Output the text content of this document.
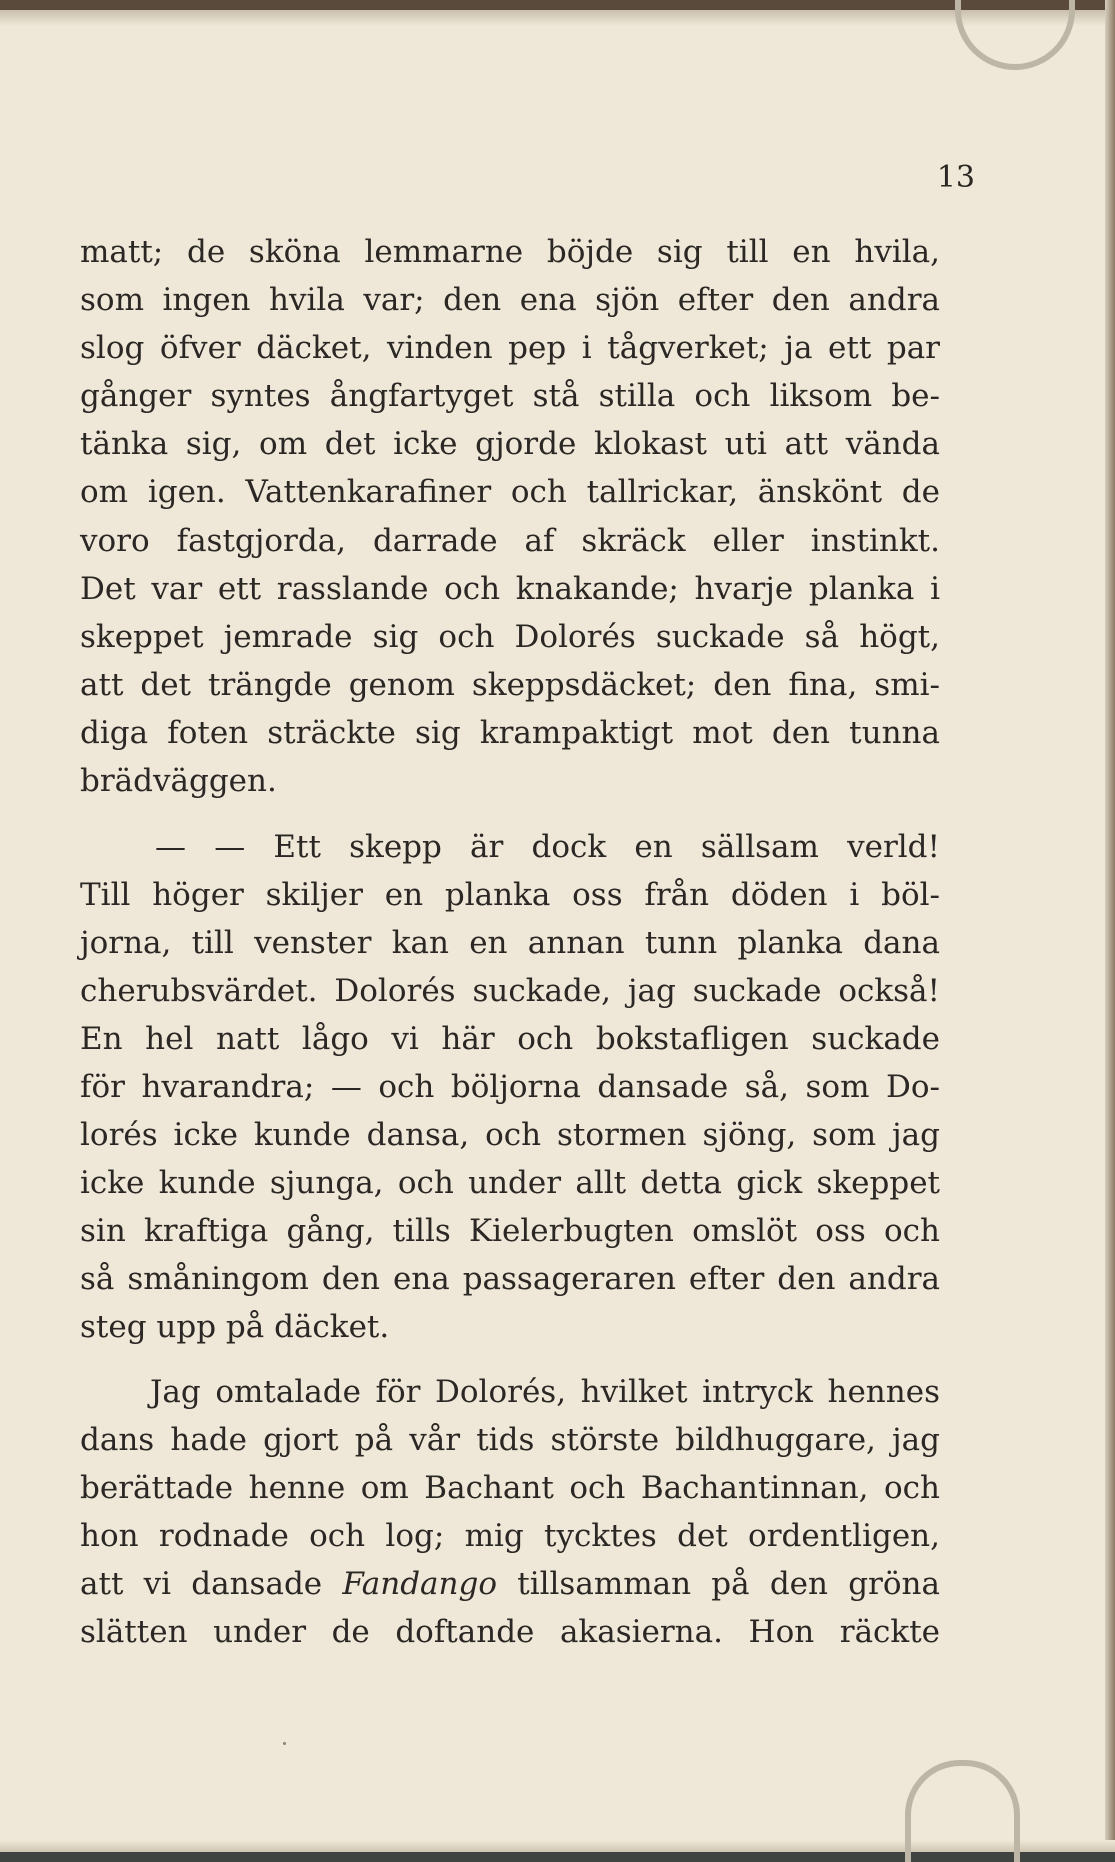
13
matt; de sköna lemmarne böjde sig till en hvila,
som ingen hvila var; den ena sjön efter den andra
slog öfver däcket, vinden pep i tågverket; ja ett par
gånger syntes ångfartyget stå stilla och liksom be-
tänka sig, om det icke gjorde klokast uti att vända
om igen. Vattenkarafiner och tallrickar, änskönt de
voro fastgjorda, darrade af skräck eller instinkt.
Det var ett rasslande och knakande; hvarje planka i
skeppet jemrade sig och Dolorés suckade så högt,
att det trängde genom skeppsdäcket; den fina, smi-
diga foten sträckte sig krampaktigt mot den tunna
brädväggen.
— — Ett skepp är dock en sällsam verld!
Till höger skiljer en planka oss från döden i böl-
jorna, till venster kan en annan tunn planka dana
cherubsvärdet. Dolorés suckade, jag suckade också!
En hel natt lågo vi här och bokstafligen suckade
för hvarandra; — och böljorna dansade så, som Do-
lorés icke kunde dansa, och stormen sjöng, som jag
icke kunde sjunga, och under allt detta gick skeppet
sin kraftiga gång, tills Kielerbugten omslöt oss och
så småningom den ena passageraren efter den andra
steg upp på däcket.
Jag omtalade för Dolorés, hvilket intryck hennes
dans hade gjort på vår tids störste bildhuggare, jag
berättade henne om Bachant och Bachantinnan, och
hon rodnade och log; mig tycktes det ordentligen,
att vi dansade Fandango tillsamman på den gröna
slätten under de doftande akasierna. Hon räckte
